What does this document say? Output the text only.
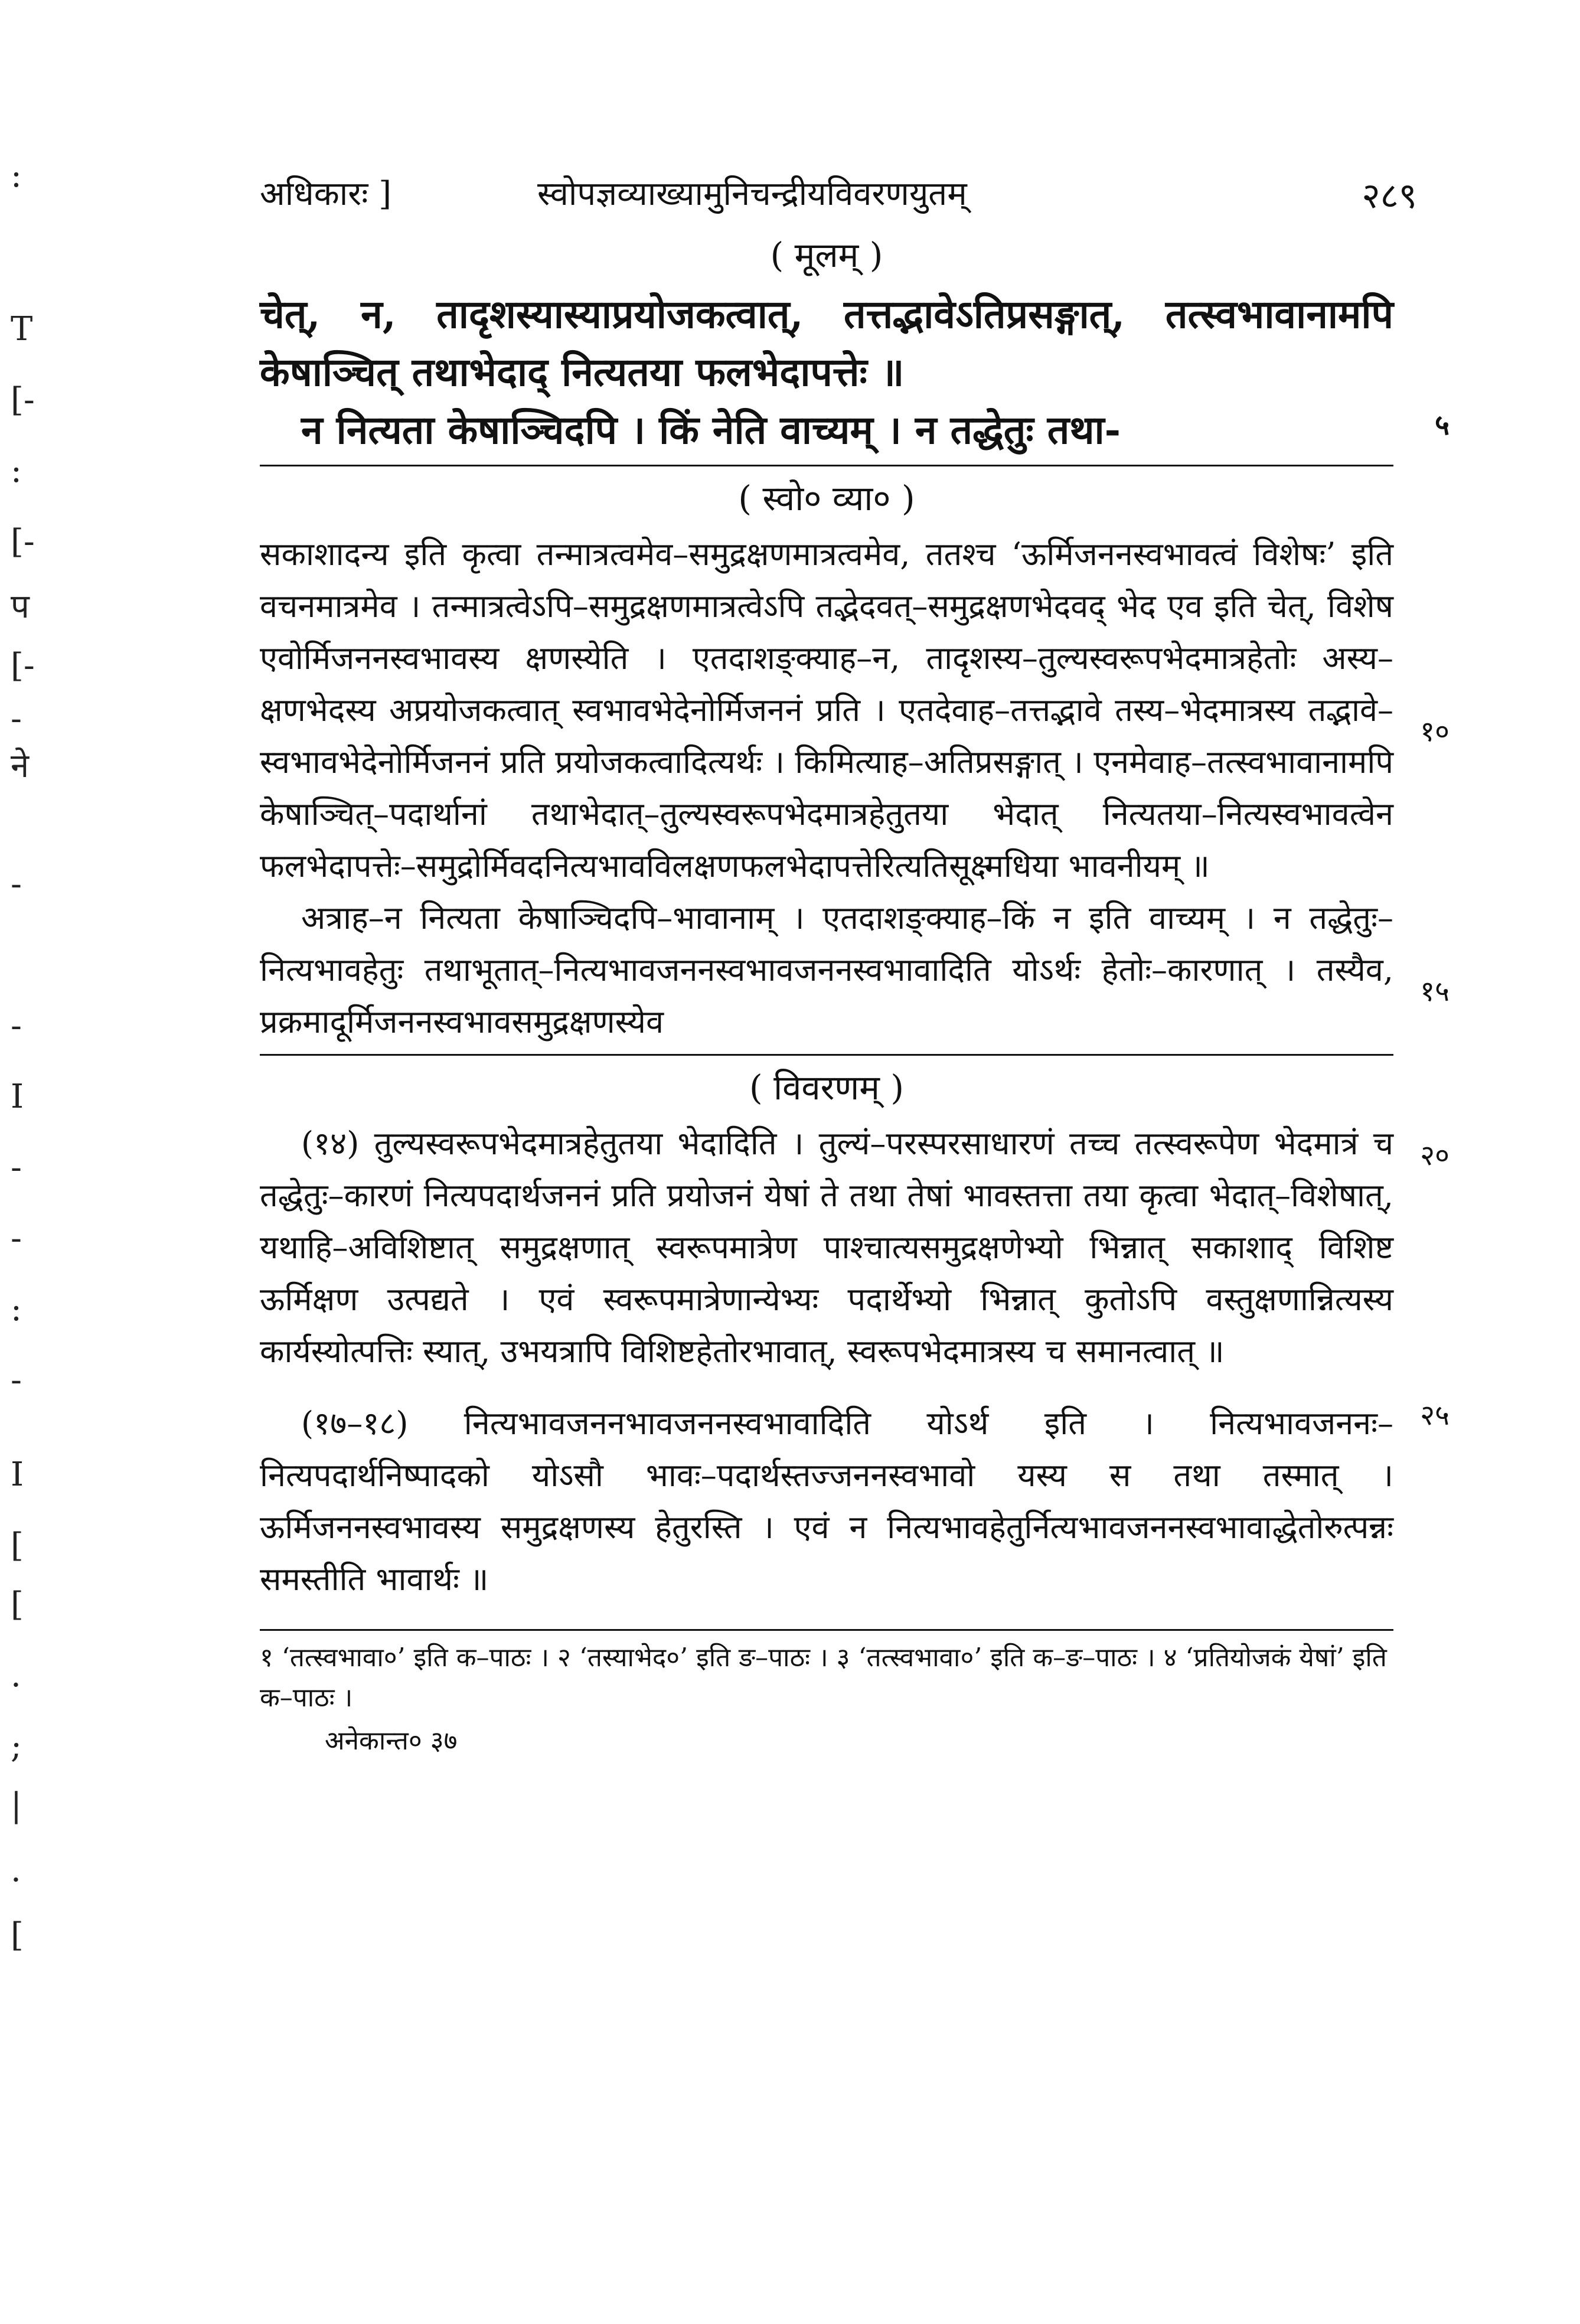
:
T
[-
:
[-
प
[-
-
ने
-
-
I
-
-
:
-
I
[
[
.
;
|
.
[
अधिकारः ]	स्वोपज्ञव्याख्यामुनिचन्द्रीयविवरणयुतम्	२८९
( मूलम् )

चेत्, न, तादृशस्यास्याप्रयोजकत्वात्, तत्तद्भावेऽतिप्रसङ्गात्, तत्स्वभावानामपि केषाञ्चित् तथाभेदाद् नित्यतया फलभेदापत्तेः ॥

न नित्यता केषाञ्चिदपि । किं नेति वाच्यम् । न तद्धेतुः तथा-	५
( स्वो० व्या० )
१०
१५

सकाशादन्य इति कृत्वा तन्मात्रत्वमेव–समुद्रक्षणमात्रत्वमेव, ततश्च ‘ऊर्मिजननस्वभावत्वं विशेषः’ इति वचनमात्रमेव । तन्मात्रत्वेऽपि–समुद्रक्षणमात्रत्वेऽपि तद्भेदवत्–समुद्रक्षणभेदवद् भेद एव इति चेत्, विशेष एवोर्मिजननस्वभावस्य क्षणस्येति । एतदाशङ्क्याह–न, तादृशस्य–तुल्यस्वरूपभेदमात्रहेतोः अस्य–क्षणभेदस्य अप्रयोजकत्वात् स्वभावभेदेनोर्मिजननं प्रति । एतदेवाह–तत्तद्भावे तस्य–भेदमात्रस्य तद्भावे–स्वभावभेदेनोर्मिजननं प्रति प्रयोजकत्वादित्यर्थः । किमित्याह–अतिप्रसङ्गात् । एनमेवाह–तत्स्वभावानामपि केषाञ्चित्–पदार्थानां तथाभेदात्–तुल्यस्वरूपभेदमात्रहेतुतया भेदात् नित्यतया–नित्यस्वभावत्वेन फलभेदापत्तेः–समुद्रोर्मिवदनित्यभावविलक्षणफलभेदापत्तेरित्यतिसूक्ष्मधिया भावनीयम् ॥

अत्राह–न नित्यता केषाञ्चिदपि–भावानाम् । एतदाशङ्क्याह–किं न इति वाच्यम् । न तद्धेतुः–नित्यभावहेतुः तथाभूतात्–नित्यभावजननस्वभावजननस्वभावादिति योऽर्थः हेतोः–कारणात् । तस्यैव, प्रक्रमादूर्मिजननस्वभावसमुद्रक्षणस्येव

( विवरणम् )
२०
२५

(१४) तुल्यस्वरूपभेदमात्रहेतुतया भेदादिति । तुल्यं–परस्परसाधारणं तच्च तत्स्वरूपेण भेदमात्रं च तद्धेतुः–कारणं नित्यपदार्थजननं प्रति प्रयोजनं येषां ते तथा तेषां भावस्तत्ता तया कृत्वा भेदात्–विशेषात्, यथाहि–अविशिष्टात् समुद्रक्षणात् स्वरूपमात्रेण पाश्चात्यसमुद्रक्षणेभ्यो भिन्नात् सकाशाद् विशिष्ट ऊर्मिक्षण उत्पद्यते । एवं स्वरूपमात्रेणान्येभ्यः पदार्थेभ्यो भिन्नात् कुतोऽपि वस्तुक्षणान्नित्यस्य कार्यस्योत्पत्तिः स्यात्, उभयत्रापि विशिष्टहेतोरभावात्, स्वरूपभेदमात्रस्य च समानत्वात् ॥

(१७–१८) नित्यभावजननभावजननस्वभावादिति योऽर्थ इति । नित्यभावजननः–नित्यपदार्थनिष्पादको योऽसौ भावः–पदार्थस्तज्जननस्वभावो यस्य स तथा तस्मात् । ऊर्मिजननस्वभावस्य समुद्रक्षणस्य हेतुरस्ति । एवं न नित्यभावहेतुर्नित्यभावजननस्वभावाद्धेतोरुत्पन्नः समस्तीति भावार्थः ॥

१ ‘तत्स्वभावा०’ इति क–पाठः । २ ‘तस्याभेद०’ इति ङ–पाठः । ३ ‘तत्स्वभावा०’ इति क–ङ–पाठः । ४ ‘प्रतियोजकं येषां’ इति क–पाठः ।

अनेकान्त० ३७
